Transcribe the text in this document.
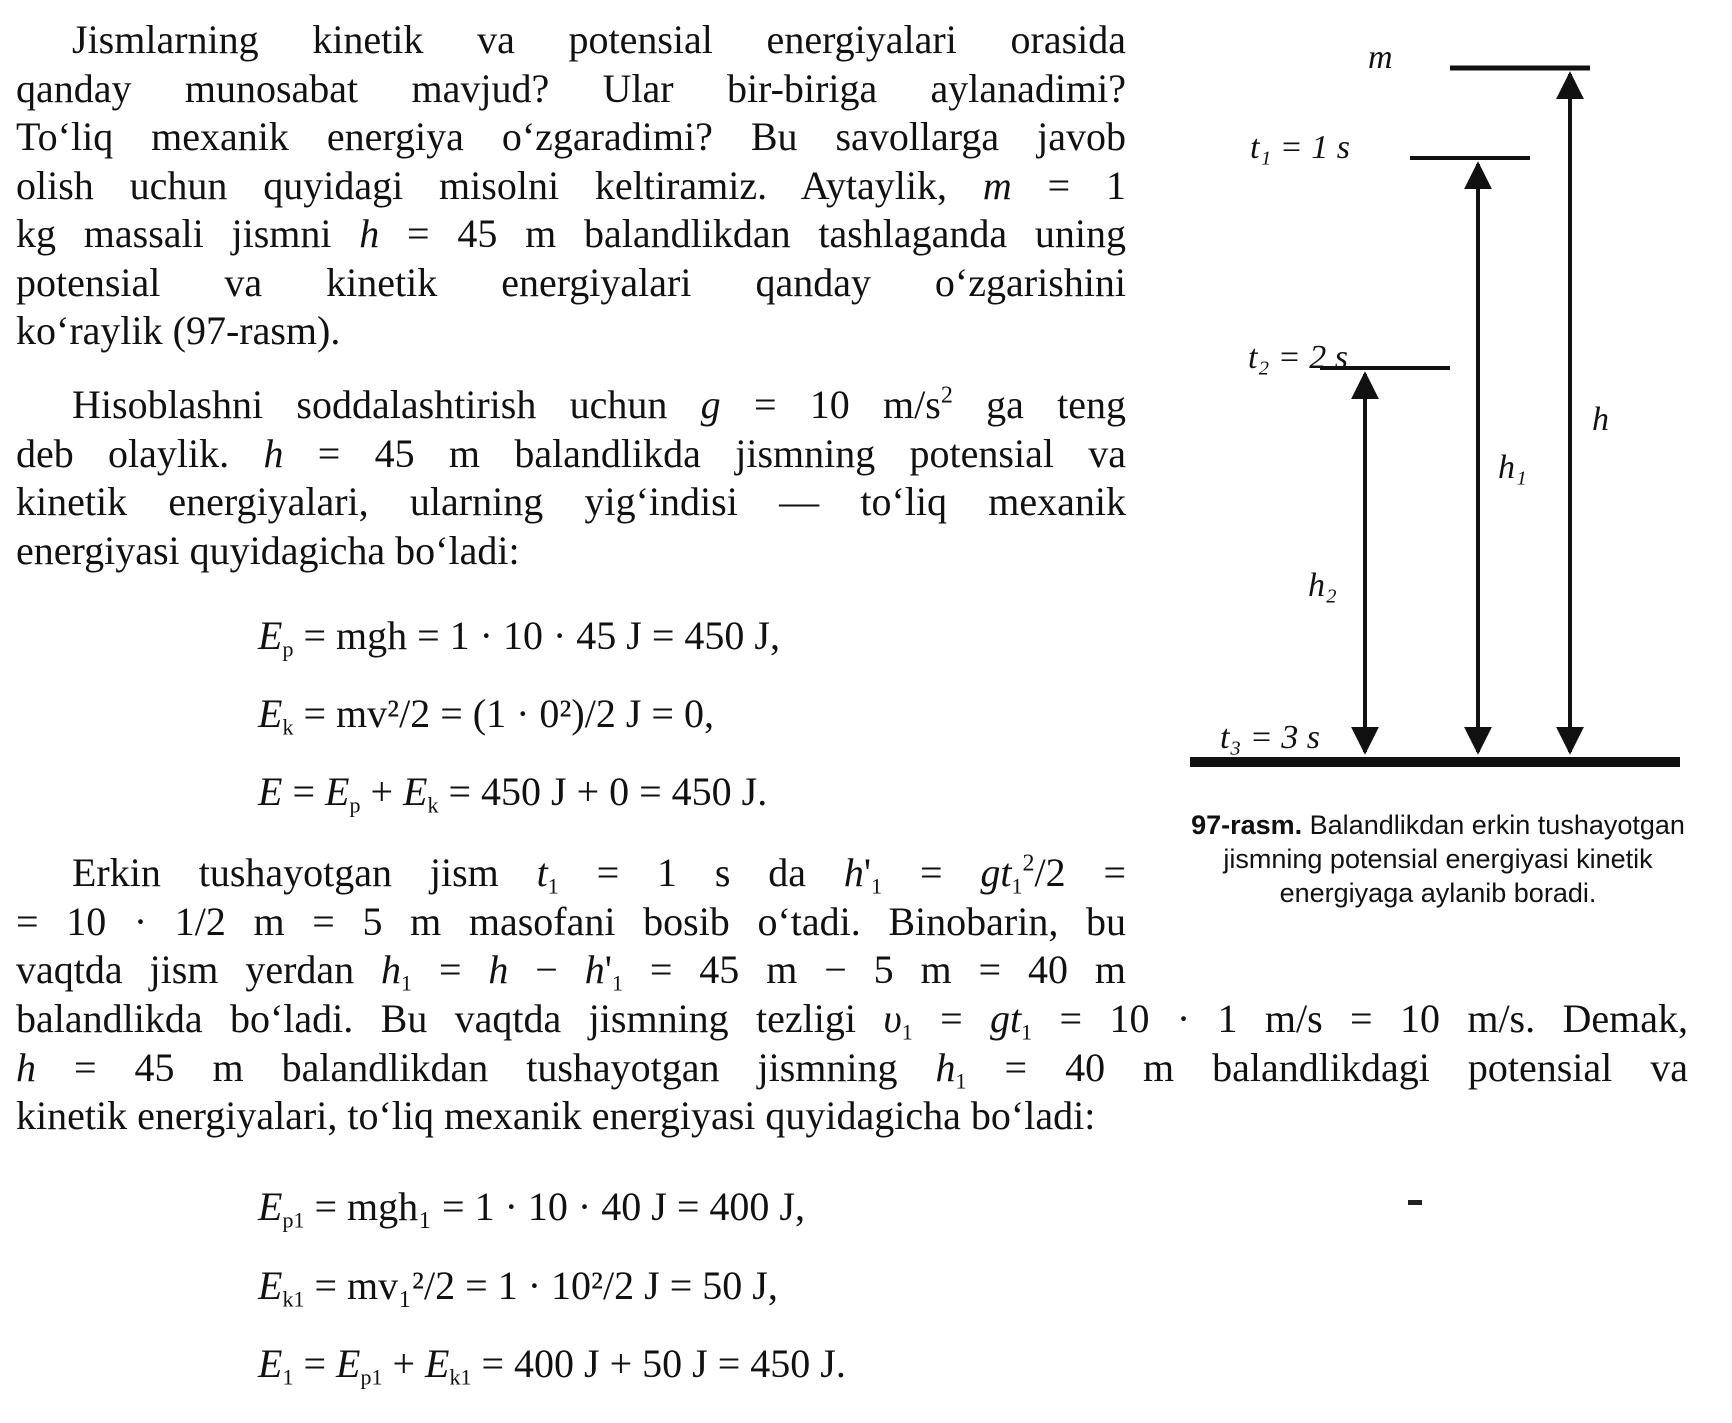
Jismlarning kinetik va potensial energiyalari orasida
qanday munosabat mavjud? Ular bir-biriga aylanadimi?
To‘liq mexanik energiya o‘zgaradimi? Bu savollarga javob
olish uchun quyidagi misolni keltiramiz. Aytaylik, m = 1
kg massali jismni h = 45 m balandlikdan tashlaganda uning
potensial va kinetik energiyalari qanday o‘zgarishini
ko‘raylik (97-rasm).
Hisoblashni soddalashtirish uchun g = 10 $m/s^2$ ga teng
deb olaylik. h = 45 m balandlikda jismning potensial va
kinetik energiyalari, ularning yig‘indisi — to‘liq mexanik
energiyasi quyidagicha bo‘ladi:
$E_p$ = mgh = 1 · 10 · 45 J = 450 J,
$E_k = mv^2/2 = (1 \cdot 0^2)/2$ J = 0,
$E = E_p + E_k = 450$ J + 0 = 450 J.
Erkin tushayotgan jism $t_1 = 1$ s da $h'_1 = gt_1^2/2$ =
= 10 · 1/2 m = 5 m masofani bosib o‘tadi. Binobarin, bu
vaqtda jism yerdan $h_1 = h - h'_1 = 45$ m − 5 m = 40 m
balandlikda bo‘ladi. Bu vaqtda jismning tezligi $\upsilon_1 = gt_1 = 10 \cdot 1$ m/s = 10 m/s. Demak,
h = 45 m balandlikdan tushayotgan jismning $h_1 = 40$ m balandlikdagi potensial va
kinetik energiyalari, to‘liq mexanik energiyasi quyidagicha bo‘ladi:
$E_{p1} = mgh_1 = 1 \cdot 10 \cdot 40$ J = 400 J,
$E_{k1} = mv_1^2/2 = 1 \cdot 10^2/2$ J = 50 J,
$E_1 = E_{p1} + E_{k1} = 400$ J + 50 J = 450 J.
m
t₁ = 1 s
t₂ = 2 s
t₃ = 3 s
h
h₁
h₂
97-rasm. Balandlikdan erkin tushayotgan jismning potensial energiyasi kinetik energiyaga aylanib boradi.
